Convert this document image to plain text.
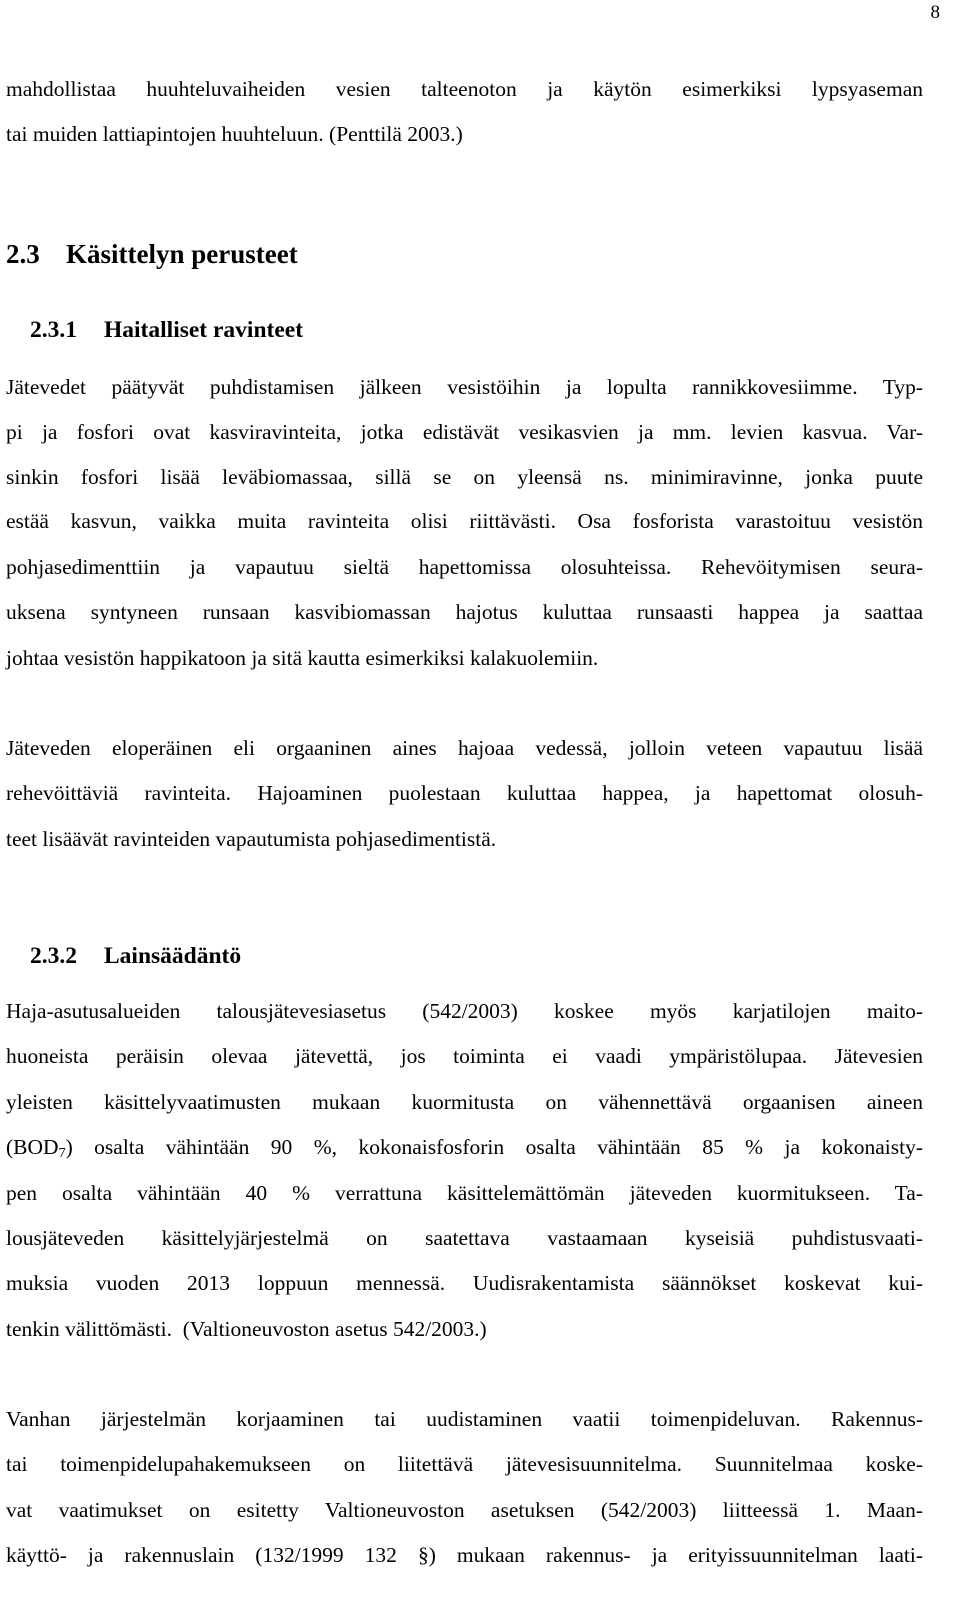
8
mahdollistaa huuhteluvaiheiden vesien talteenoton ja käytön esimerkiksi lypsyaseman
tai muiden lattiapintojen huuhteluun. (Penttilä 2003.)
2.3 Käsittelyn perusteet
2.3.1 Haitalliset ravinteet
Jätevedet päätyvät puhdistamisen jälkeen vesistöihin ja lopulta rannikkovesiimme. Typ-
pi ja fosfori ovat kasviravinteita, jotka edistävät vesikasvien ja mm. levien kasvua. Var-
sinkin fosfori lisää leväbiomassaa, sillä se on yleensä ns. minimiravinne, jonka puute
estää kasvun, vaikka muita ravinteita olisi riittävästi. Osa fosforista varastoituu vesistön
pohjasedimenttiin ja vapautuu sieltä hapettomissa olosuhteissa. Rehevöitymisen seura-
uksena syntyneen runsaan kasvibiomassan hajotus kuluttaa runsaasti happea ja saattaa
johtaa vesistön happikatoon ja sitä kautta esimerkiksi kalakuolemiin.
Jäteveden eloperäinen eli orgaaninen aines hajoaa vedessä, jolloin veteen vapautuu lisää
rehevöittäviä ravinteita. Hajoaminen puolestaan kuluttaa happea, ja hapettomat olosuh-
teet lisäävät ravinteiden vapautumista pohjasedimentistä.
2.3.2 Lainsäädäntö
Haja-asutusalueiden talousjätevesiasetus (542/2003) koskee myös karjatilojen maito-
huoneista peräisin olevaa jätevettä, jos toiminta ei vaadi ympäristölupaa. Jätevesien
yleisten käsittelyvaatimusten mukaan kuormitusta on vähennettävä orgaanisen aineen
$(BOD_7)$ osalta vähintään 90 %, kokonaisfosforin osalta vähintään 85 % ja kokonaisty-
pen osalta vähintään 40 % verrattuna käsittelemättömän jäteveden kuormitukseen. Ta-
lousjäteveden käsittelyjärjestelmä on saatettava vastaamaan kyseisiä puhdistusvaati-
muksia vuoden 2013 loppuun mennessä. Uudisrakentamista säännökset koskevat kui-
tenkin välittömästi.  (Valtioneuvoston asetus 542/2003.)
Vanhan järjestelmän korjaaminen tai uudistaminen vaatii toimenpideluvan. Rakennus-
tai toimenpidelupahakemukseen on liitettävä jätevesisuunnitelma. Suunnitelmaa koske-
vat vaatimukset on esitetty Valtioneuvoston asetuksen (542/2003) liitteessä 1. Maan-
käyttö- ja rakennuslain (132/1999 132 §) mukaan rakennus- ja erityissuunnitelman laati-
